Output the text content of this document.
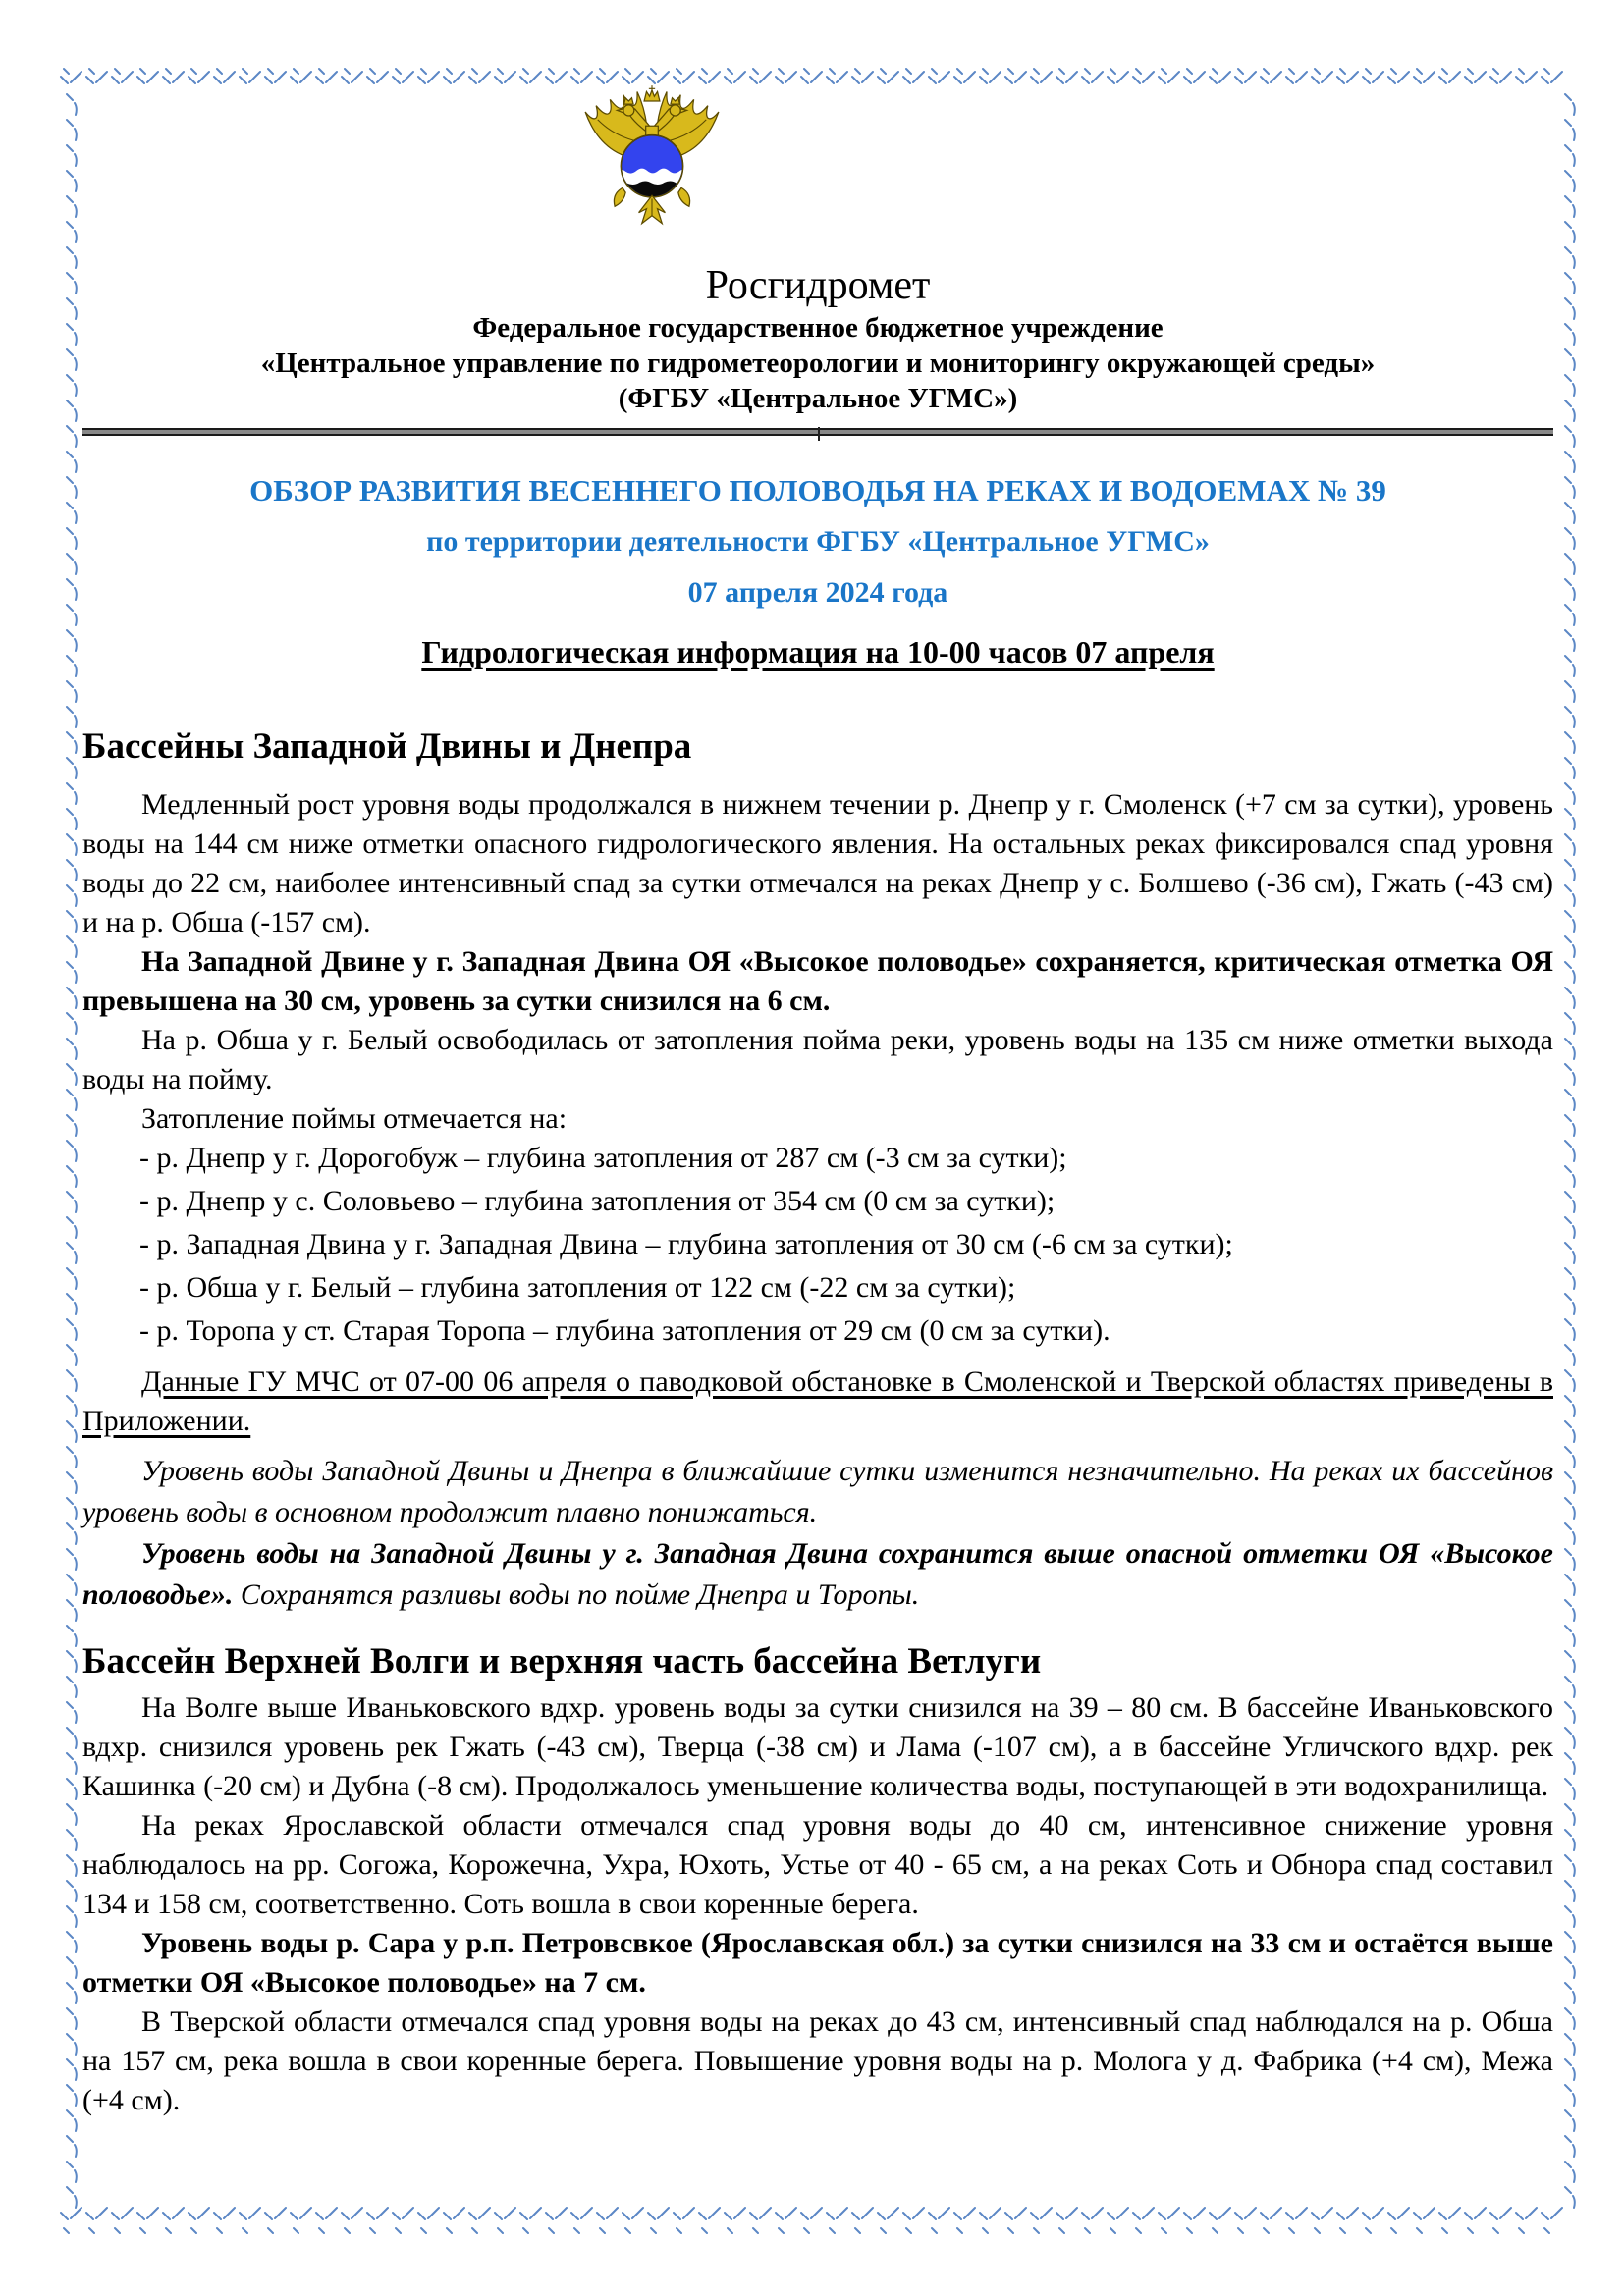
Росгидромет
Федеральное государственное бюджетное учреждение
«Центральное управление по гидрометеорологии и мониторингу окружающей среды»
(ФГБУ «Центральное УГМС»)
ОБЗОР РАЗВИТИЯ ВЕСЕННЕГО ПОЛОВОДЬЯ НА РЕКАХ И ВОДОЕМАХ № 39
по территории деятельности ФГБУ «Центральное УГМС»
07 апреля 2024 года
Гидрологическая информация на 10-00 часов 07 апреля
Бассейны Западной Двины и Днепра

Медленный рост уровня воды продолжался в нижнем течении р. Днепр у г. Смоленск (+7 см за сутки), уровень воды на 144 см ниже отметки опасного гидрологического явления. На остальных реках фиксировался спад уровня воды до 22 см, наиболее интенсивный спад за сутки отмечался на реках Днепр у с. Болшево (-36 см), Гжать (-43 см) и на р. Обша (-157 см).

На Западной Двине у г. Западная Двина ОЯ «Высокое половодье» сохраняется, критическая отметка ОЯ превышена на 30 см, уровень за сутки снизился на 6 см.

На р. Обша у г. Белый освободилась от затопления пойма реки, уровень воды на 135 см ниже отметки выхода воды на пойму.

Затопление поймы отмечается на:

- р. Днепр у г. Дорогобуж – глубина затопления от 287 см (-3 см за сутки);

- р. Днепр у с. Соловьево – глубина затопления от 354 см (0 см за сутки);

- р. Западная Двина у г. Западная Двина – глубина затопления от 30 см (-6 см за сутки);

- р. Обша у г. Белый – глубина затопления от 122 см (-22 см за сутки);

- р. Торопа у ст. Старая Торопа – глубина затопления от 29 см (0 см за сутки).

Данные ГУ МЧС от 07-00 06 апреля о паводковой обстановке в Смоленской и Тверской областях приведены в Приложении.

Уровень воды Западной Двины и Днепра в ближайшие сутки изменится незначительно. На реках их бассейнов уровень воды в основном продолжит плавно понижаться.

Уровень воды на Западной Двины у г. Западная Двина сохранится выше опасной отметки ОЯ «Высокое половодье». Сохранятся разливы воды по пойме Днепра и Торопы.

Бассейн Верхней Волги и верхняя часть бассейна Ветлуги

На Волге выше Иваньковского вдхр. уровень воды за сутки снизился на 39 – 80 см. В бассейне Иваньковского вдхр. снизился уровень рек Гжать (-43 см), Тверца (-38 см) и Лама (-107 см), а в бассейне Угличского вдхр. рек Кашинка (-20 см) и Дубна (-8 см). Продолжалось уменьшение количества воды, поступающей в эти водохранилища.

На реках Ярославской области отмечался спад уровня воды до 40 см, интенсивное снижение уровня наблюдалось на рр. Согожа, Корожечна, Ухра, Юхоть, Устье от 40 - 65 см, а на реках Соть и Обнора спад составил 134 и 158 см, соответственно. Соть вошла в свои коренные берега.

Уровень воды р. Сара у р.п. Петровсвкое (Ярославская обл.) за сутки снизился на 33 см и остаётся выше отметки ОЯ «Высокое половодье» на 7 см.

В Тверской области отмечался спад уровня воды на реках до 43 см, интенсивный спад наблюдался на р. Обша на 157 см, река вошла в свои коренные берега. Повышение уровня воды на р. Молога у д. Фабрика (+4 см), Межа (+4 см).
